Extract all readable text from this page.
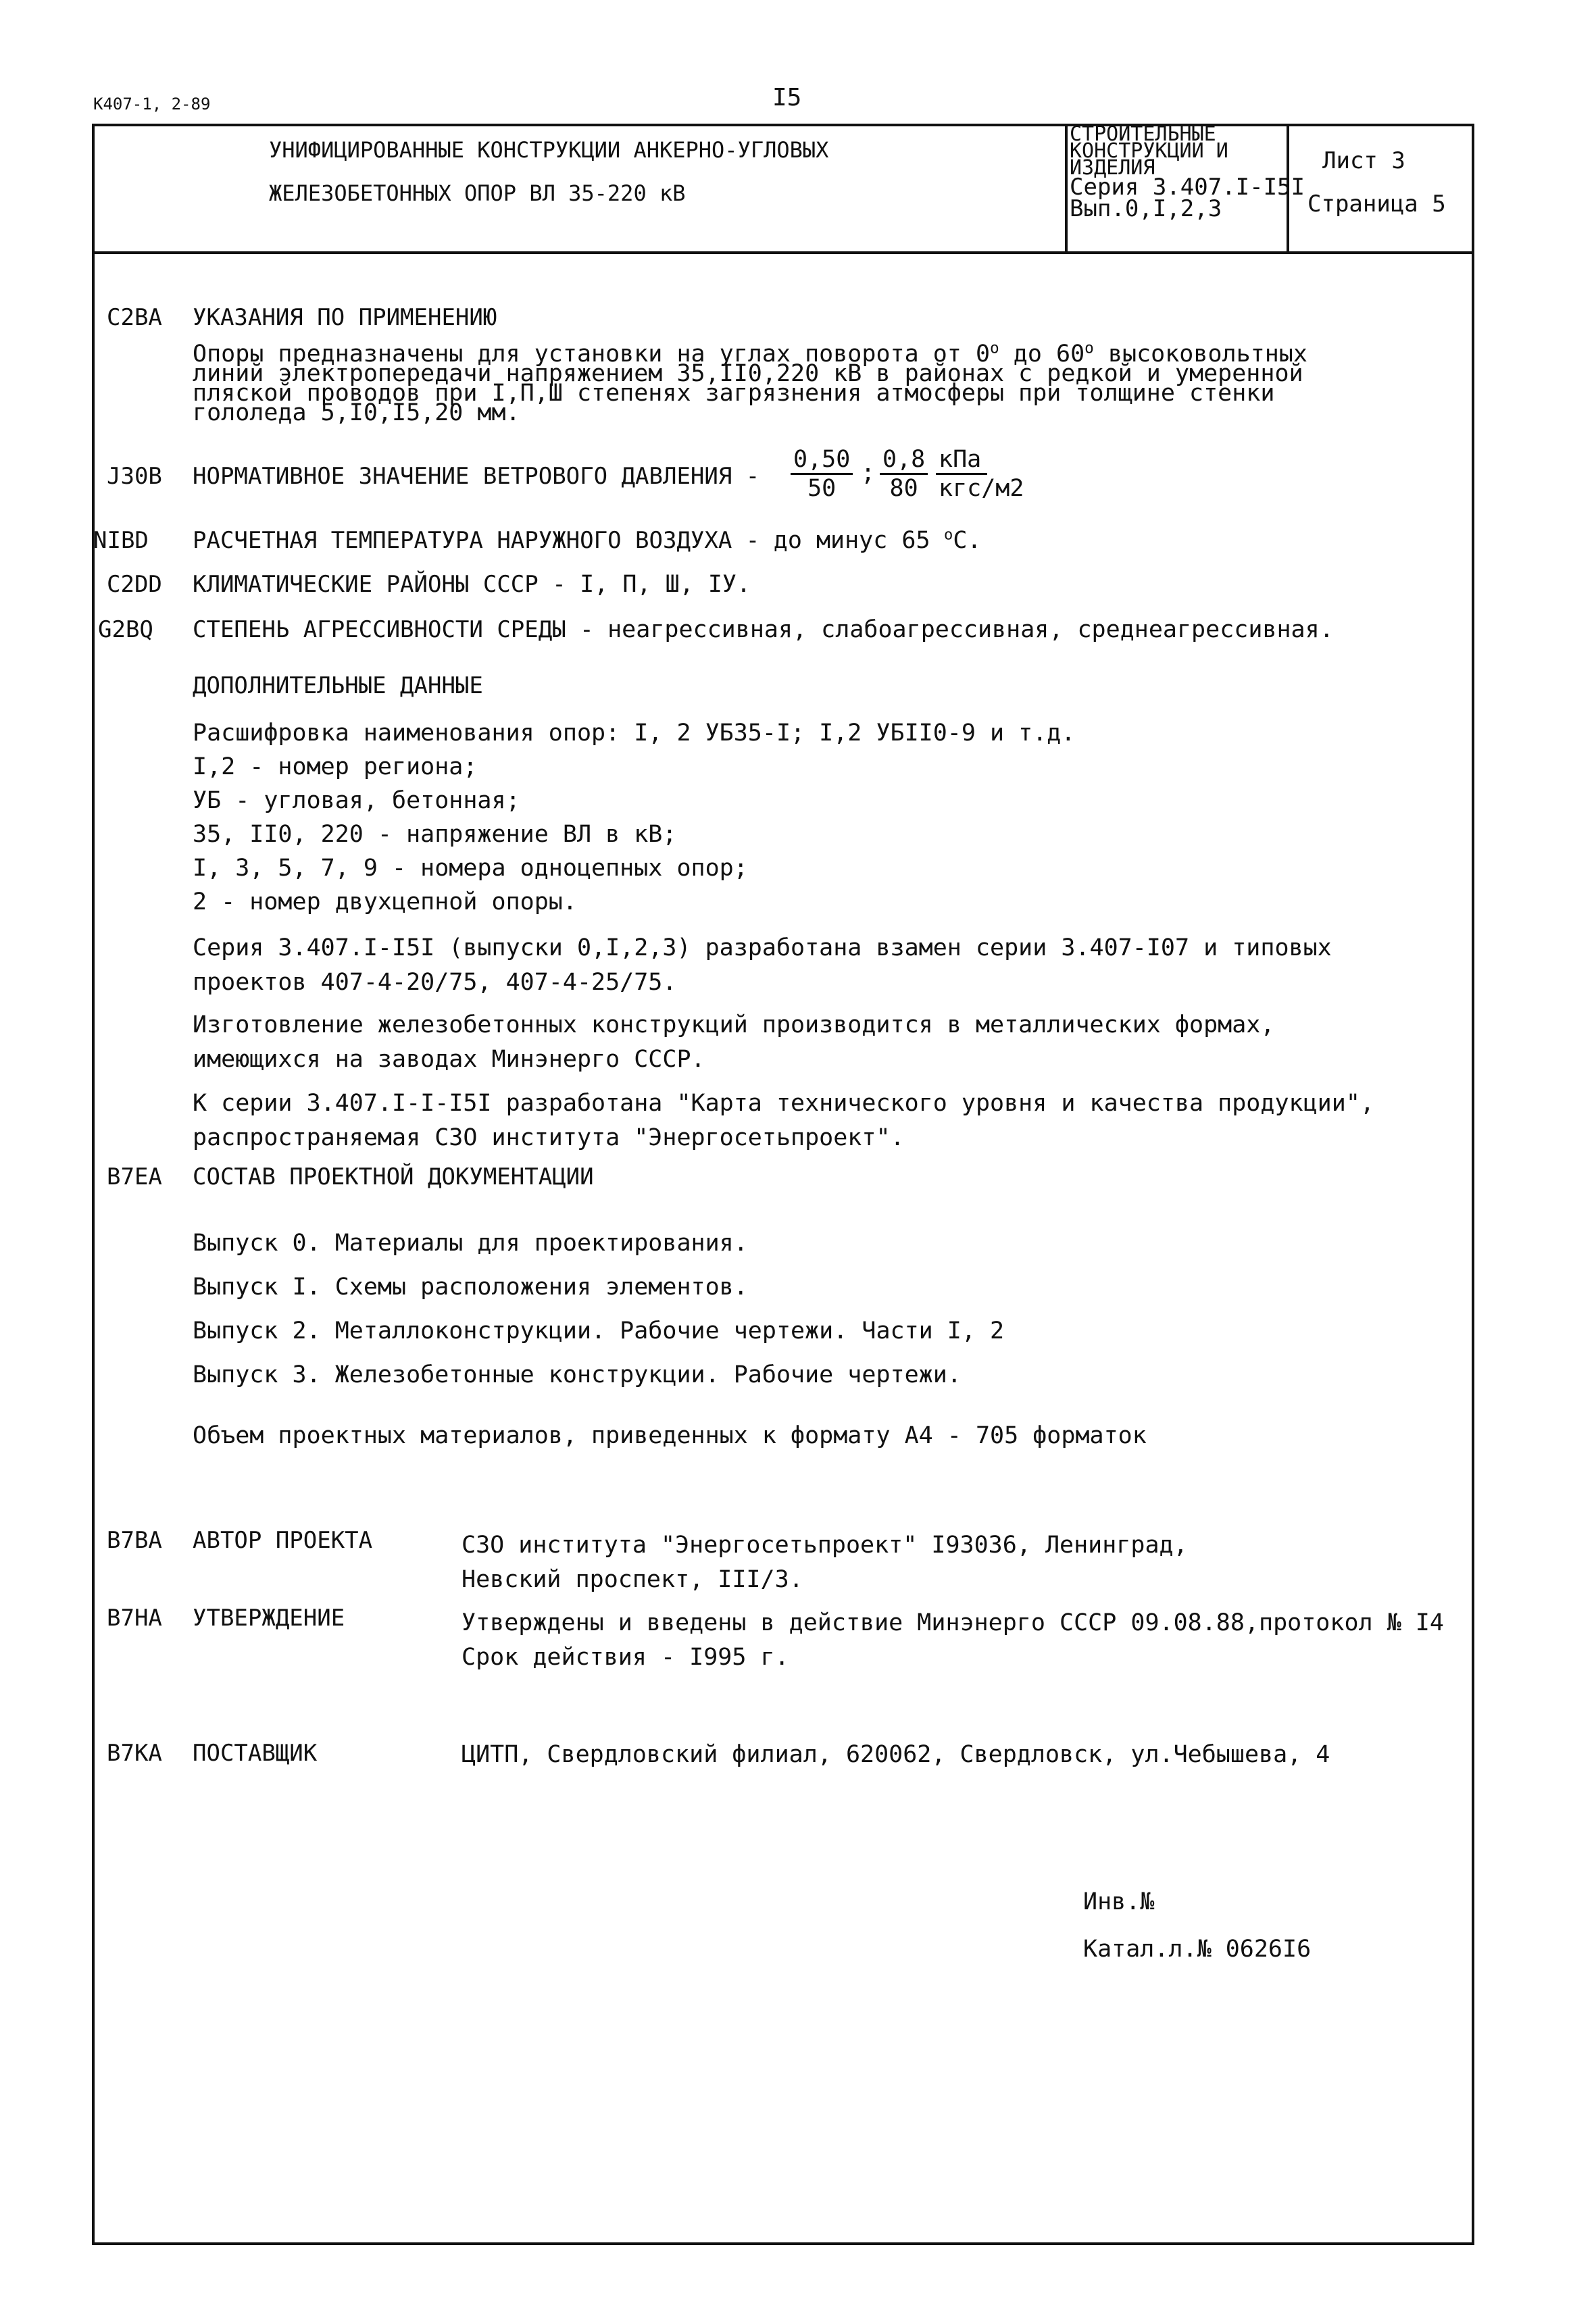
К407-1, 2-89	I5
УНИФИЦИРОВАННЫЕ КОНСТРУКЦИИ АНКЕРНО-УГЛОВЫХ
ЖЕЛЕЗОБЕТОННЫХ ОПОР ВЛ 35-220 кВ
СТРОИТЕЛЬНЫЕ
КОНСТРУКЦИИ И
ИЗДЕЛИЯ
Серия 3.407.I-I5I
Вып.0,I,2,3
Лист 3
Страница 5
C2BA УКАЗАНИЯ ПО ПРИМЕНЕНИЮ
Опоры предназначены для установки на углах поворота от $0^о$ до $60^о$ высоковольтных
линий электропередачи напряжением 35,II0,220 кВ в районах с редкой и умеренной
пляской проводов при I,П,Ш степенях загрязнения атмосферы при толщине стенки
гололеда 5,I0,I5,20 мм.
J30B НОРМАТИВНОЕ ЗНАЧЕНИЕ ВЕТРОВОГО ДАВЛЕНИЯ - $\frac{0,50}{50}$ ; $\frac{0,8}{80}$ кПа
кгс/м2
NIBD РАСЧЕТНАЯ ТЕМПЕРАТУРА НАРУЖНОГО ВОЗДУХА - до минус 65 $^о$С.
C2DD КЛИМАТИЧЕСКИЕ РАЙОНЫ СССР - I, П, Ш, IУ.
G2BQ СТЕПЕНЬ АГРЕССИВНОСТИ СРЕДЫ - неагрессивная, слабоагрессивная, среднеагрессивная.
ДОПОЛНИТЕЛЬНЫЕ ДАННЫЕ
Расшифровка наименования опор: I, 2 УБ35-I; I,2 УБII0-9 и т.д.
I,2 - номер региона;
УБ - угловая, бетонная;
35, II0, 220 - напряжение ВЛ в кВ;
I, 3, 5, 7, 9 - номера одноцепных опор;
2 - номер двухцепной опоры.
Серия 3.407.I-I5I (выпуски 0,I,2,3) разработана взамен серии 3.407-I07 и типовых
проектов 407-4-20/75, 407-4-25/75.
Изготовление железобетонных конструкций производится в металлических формах,
имеющихся на заводах Минэнерго СССР.
К серии 3.407.I-I-I5I разработана "Карта технического уровня и качества продукции",
распространяемая СЗО института "Энергосетьпроект".
B7EA СОСТАВ ПРОЕКТНОЙ ДОКУМЕНТАЦИИ
Выпуск 0. Материалы для проектирования.
Выпуск I. Схемы расположения элементов.
Выпуск 2. Металлоконструкции. Рабочие чертежи. Части I, 2
Выпуск 3. Железобетонные конструкции. Рабочие чертежи.
Объем проектных материалов, приведенных к формату А4 - 705 форматок
B7BA АВТОР ПРОЕКТА	СЗО института "Энергосетьпроект" I93036, Ленинград,
Невский проспект, III/3.
B7HA УТВЕРЖДЕНИЕ	Утверждены и введены в действие Минэнерго СССР 09.08.88,протокол № I4
Срок действия - I995 г.
B7KA ПОСТАВЩИК	ЦИТП, Свердловский филиал, 620062, Свердловск, ул.Чебышева, 4
Инв.№
Катал.л.№ 0626I6
